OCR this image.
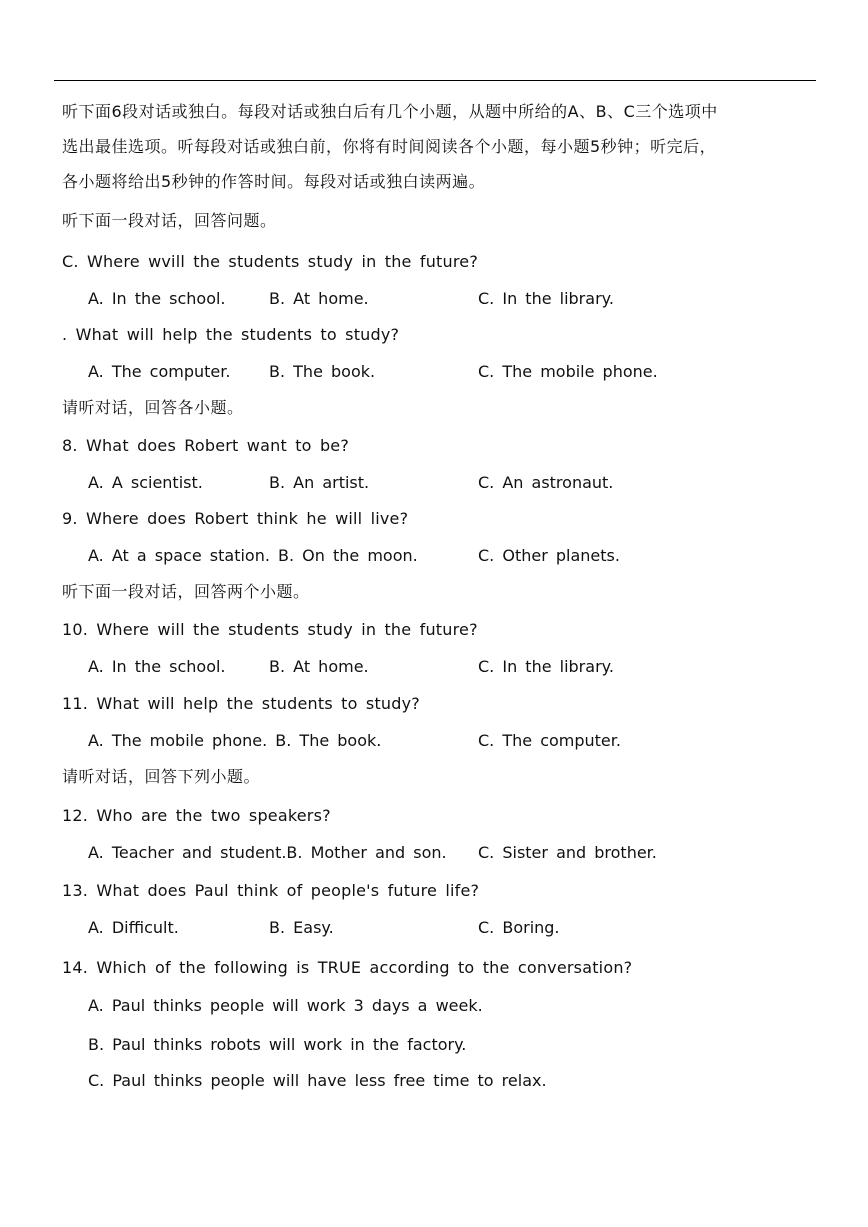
听下面6段对话或独白。每段对话或独白后有几个小题，从题中所给的A、B、C三个选项中
选出最佳选项。听每段对话或独白前，你将有时间阅读各个小题，每小题5秒钟；听完后，
各小题将给出5秒钟的作答时间。每段对话或独白读两遍。
听下面一段对话，回答问题。
C. Where wvill the students study in the future?
A. In the school.	B. At home.	C. In the library.
. What will help the students to study?
A. The computer. B. The book.	C. The mobile phone.
请听对话，回答各小题。
8. What does Robert want to be?
A. A scientist.	B. An artist.	C. An astronaut.
9. Where does Robert think he will live?
A. At a space station. B. On the moon.	C. Other planets.
听下面一段对话，回答两个小题。
10. Where will the students study in the future?
A. In the school.	B. At home.	C. In the library.
11. What will help the students to study?
A. The mobile phone. B. The book.	C. The computer.
请听对话，回答下列小题。
12. Who are the two speakers?
A. Teacher and student.B. Mother and son. C. Sister and brother.
13. What does Paul think of people's future life?
A. Difficult.	B. Easy.	C. Boring.
14. Which of the following is TRUE according to the conversation?
A. Paul thinks people will work 3 days a week.
B. Paul thinks robots will work in the factory.
C. Paul thinks people will have less free time to relax.
